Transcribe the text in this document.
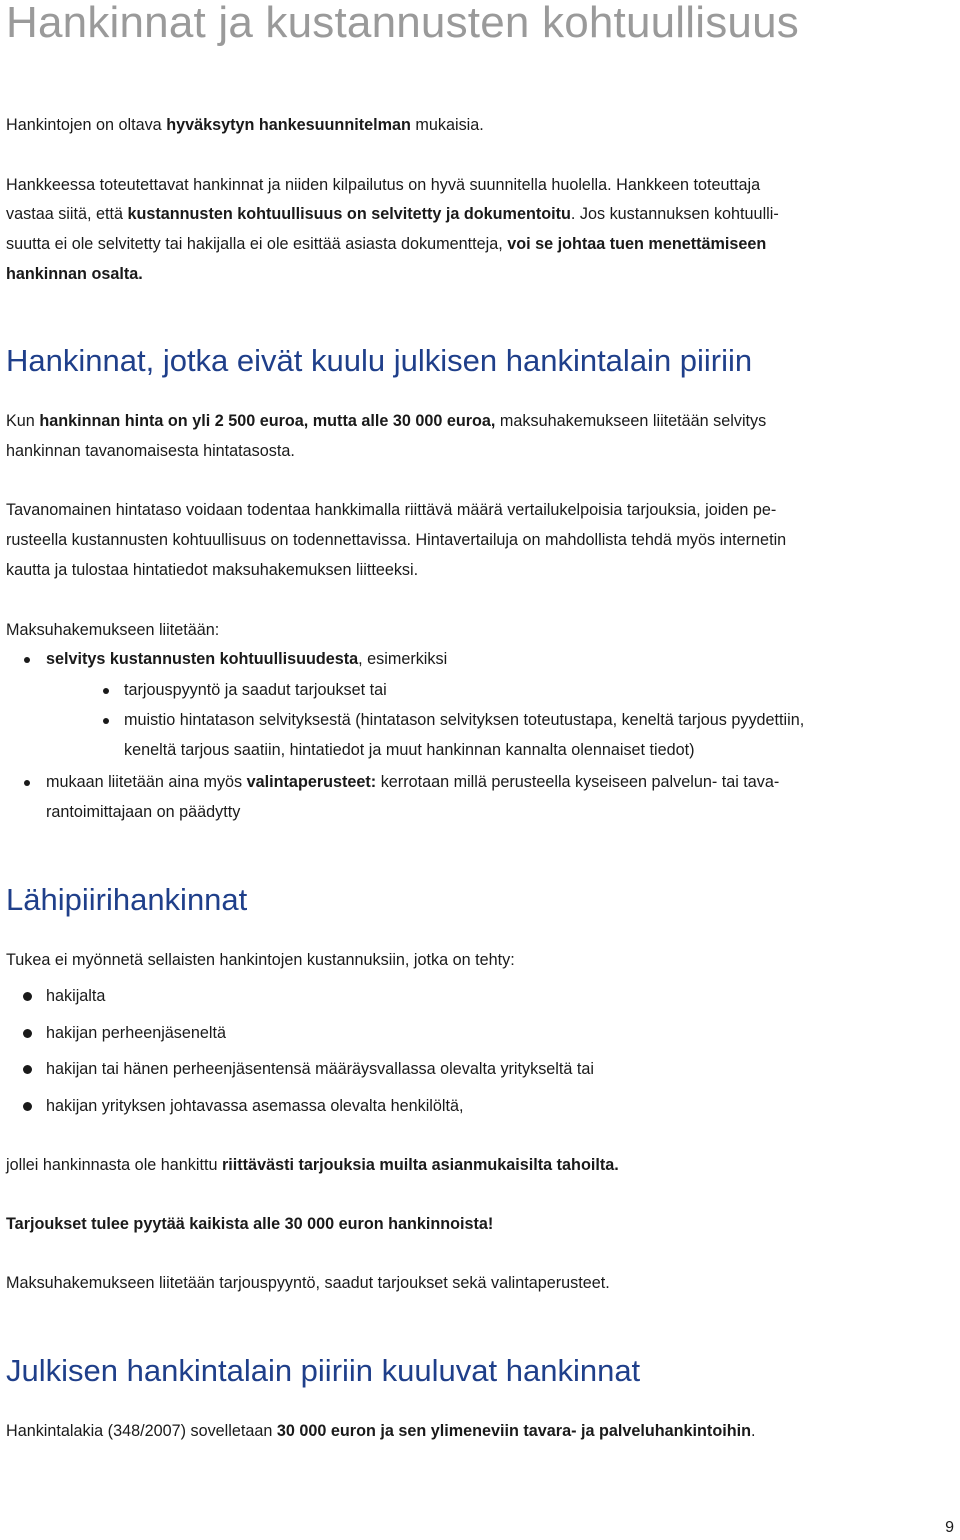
Hankinnat ja kustannusten kohtuullisuus
Hankintojen on oltava hyväksytyn hankesuunnitelman mukaisia.
Hankkeessa toteutettavat hankinnat ja niiden kilpailutus on hyvä suunnitella huolella. Hankkeen toteuttaja
vastaa siitä, että kustannusten kohtuullisuus on selvitetty ja dokumentoitu. Jos kustannuksen kohtuulli-
suutta ei ole selvitetty tai hakijalla ei ole esittää asiasta dokumentteja, voi se johtaa tuen menettämiseen
hankinnan osalta.
Hankinnat, jotka eivät kuulu julkisen hankintalain piiriin
Kun hankinnan hinta on yli 2 500 euroa, mutta alle 30 000 euroa, maksuhakemukseen liitetään selvitys
hankinnan tavanomaisesta hintatasosta.
Tavanomainen hintataso voidaan todentaa hankkimalla riittävä määrä vertailukelpoisia tarjouksia, joiden pe-
rusteella kustannusten kohtuullisuus on todennettavissa. Hintavertailuja on mahdollista tehdä myös internetin
kautta ja tulostaa hintatiedot maksuhakemuksen liitteeksi.
Maksuhakemukseen liitetään:
selvitys kustannusten kohtuullisuudesta, esimerkiksi
tarjouspyyntö ja saadut tarjoukset tai
muistio hintatason selvityksestä (hintatason selvityksen toteutustapa, keneltä tarjous pyydettiin,
keneltä tarjous saatiin, hintatiedot ja muut hankinnan kannalta olennaiset tiedot)
mukaan liitetään aina myös valintaperusteet: kerrotaan millä perusteella kyseiseen palvelun- tai tava-
rantoimittajaan on päädytty
Lähipiirihankinnat
Tukea ei myönnetä sellaisten hankintojen kustannuksiin, jotka on tehty:
hakijalta
hakijan perheenjäseneltä
hakijan tai hänen perheenjäsentensä määräysvallassa olevalta yritykseltä tai
hakijan yrityksen johtavassa asemassa olevalta henkilöltä,
jollei hankinnasta ole hankittu riittävästi tarjouksia muilta asianmukaisilta tahoilta.
Tarjoukset tulee pyytää kaikista alle 30 000 euron hankinnoista!
Maksuhakemukseen liitetään tarjouspyyntö, saadut tarjoukset sekä valintaperusteet.
Julkisen hankintalain piiriin kuuluvat hankinnat
Hankintalakia (348/2007) sovelletaan 30 000 euron ja sen ylimeneviin tavara- ja palveluhankintoihin.
9
